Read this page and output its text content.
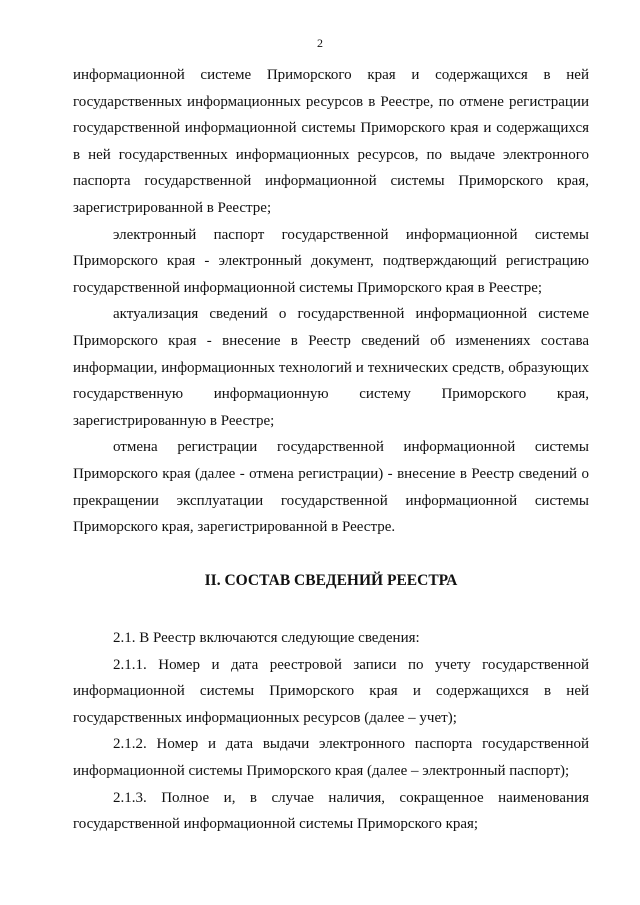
2

информационной системе Приморского края и содержащихся в ней государственных информационных ресурсов в Реестре, по отмене регистрации государственной информационной системы Приморского края и содержащихся в ней государственных информационных ресурсов, по выдаче электронного паспорта государственной информационной системы Приморского края, зарегистрированной в Реестре;

электронный паспорт государственной информационной системы Приморского края - электронный документ, подтверждающий регистрацию государственной информационной системы Приморского края в Реестре;

актуализация сведений о государственной информационной системе Приморского края - внесение в Реестр сведений об изменениях состава информации, информационных технологий и технических средств, образующих государственную информационную систему Приморского края, зарегистрированную в Реестре;

отмена регистрации государственной информационной системы Приморского края (далее - отмена регистрации) - внесение в Реестр сведений о прекращении эксплуатации государственной информационной системы Приморского края, зарегистрированной в Реестре.

II. СОСТАВ СВЕДЕНИЙ РЕЕСТРА

2.1. В Реестр включаются следующие сведения:

2.1.1. Номер и дата реестровой записи по учету государственной информационной системы Приморского края и содержащихся в ней государственных информационных ресурсов (далее – учет);

2.1.2. Номер и дата выдачи электронного паспорта государственной информационной системы Приморского края (далее – электронный паспорт);

2.1.3. Полное и, в случае наличия, сокращенное наименования государственной информационной системы Приморского края;
